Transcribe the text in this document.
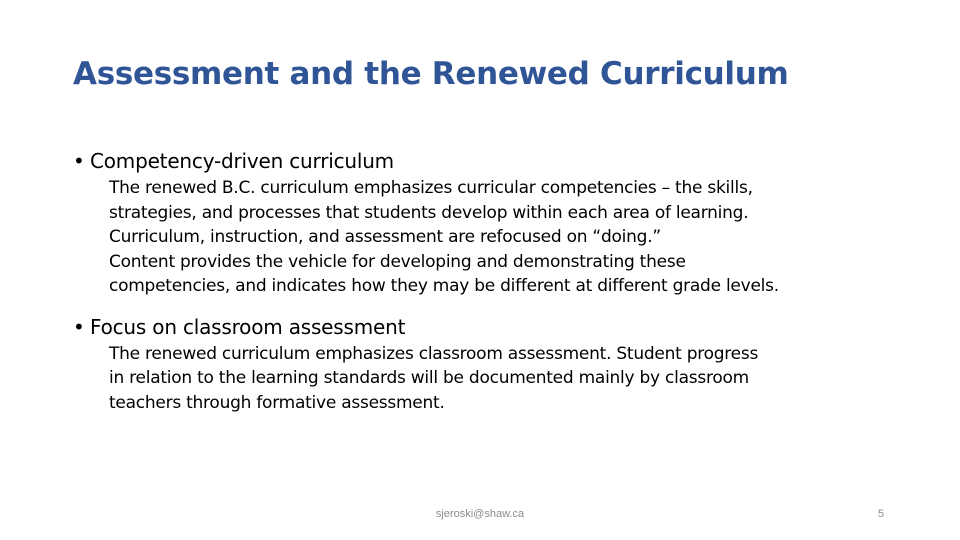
Assessment and the Renewed Curriculum
• Competency-driven curriculum

The renewed B.C. curriculum emphasizes curricular competencies – the skills,

strategies, and processes that students develop within each area of learning.

Curriculum, instruction, and assessment are refocused on “doing.”

Content provides the vehicle for developing and demonstrating these

competencies, and indicates how they may be different at different grade levels.

• Focus on classroom assessment

The renewed curriculum emphasizes classroom assessment. Student progress

in relation to the learning standards will be documented mainly by classroom

teachers through formative assessment.

sjeroski@shaw.ca	5
